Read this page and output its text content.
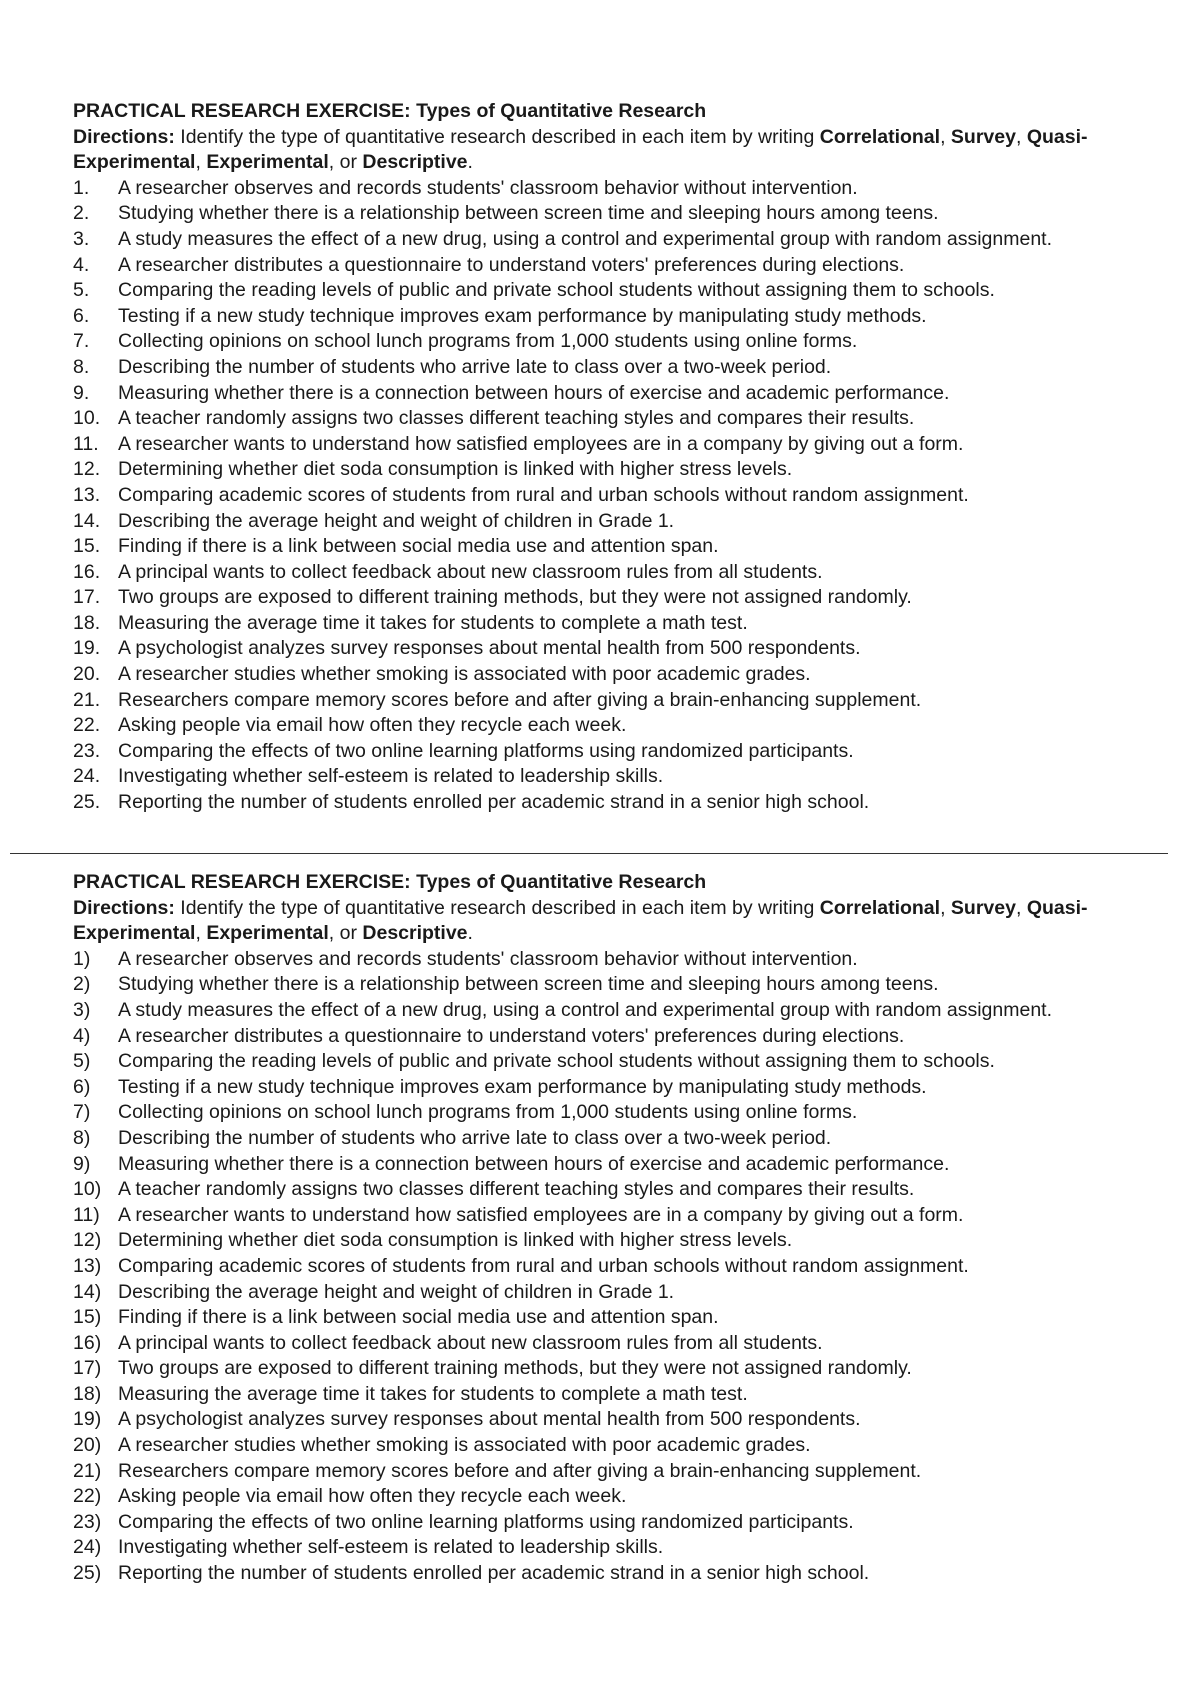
PRACTICAL RESEARCH EXERCISE: Types of Quantitative Research

Directions: Identify the type of quantitative research described in each item by writing Correlational, Survey, Quasi-Experimental, Experimental, or Descriptive.

1.	A researcher observes and records students' classroom behavior without intervention.
2.	Studying whether there is a relationship between screen time and sleeping hours among teens.
3.	A study measures the effect of a new drug, using a control and experimental group with random assignment.
4.	A researcher distributes a questionnaire to understand voters' preferences during elections.
5.	Comparing the reading levels of public and private school students without assigning them to schools.
6.	Testing if a new study technique improves exam performance by manipulating study methods.
7.	Collecting opinions on school lunch programs from 1,000 students using online forms.
8.	Describing the number of students who arrive late to class over a two-week period.
9.	Measuring whether there is a connection between hours of exercise and academic performance.
10. A teacher randomly assigns two classes different teaching styles and compares their results.
11. A researcher wants to understand how satisfied employees are in a company by giving out a form.
12. Determining whether diet soda consumption is linked with higher stress levels.
13. Comparing academic scores of students from rural and urban schools without random assignment.
14. Describing the average height and weight of children in Grade 1.
15. Finding if there is a link between social media use and attention span.
16. A principal wants to collect feedback about new classroom rules from all students.
17. Two groups are exposed to different training methods, but they were not assigned randomly.
18. Measuring the average time it takes for students to complete a math test.
19. A psychologist analyzes survey responses about mental health from 500 respondents.
20. A researcher studies whether smoking is associated with poor academic grades.
21. Researchers compare memory scores before and after giving a brain-enhancing supplement.
22. Asking people via email how often they recycle each week.
23. Comparing the effects of two online learning platforms using randomized participants.
24. Investigating whether self-esteem is related to leadership skills.
25. Reporting the number of students enrolled per academic strand in a senior high school.
PRACTICAL RESEARCH EXERCISE: Types of Quantitative Research

Directions: Identify the type of quantitative research described in each item by writing Correlational, Survey, Quasi-Experimental, Experimental, or Descriptive.

1)	A researcher observes and records students' classroom behavior without intervention.
2)	Studying whether there is a relationship between screen time and sleeping hours among teens.
3)	A study measures the effect of a new drug, using a control and experimental group with random assignment.
4)	A researcher distributes a questionnaire to understand voters' preferences during elections.
5)	Comparing the reading levels of public and private school students without assigning them to schools.
6)	Testing if a new study technique improves exam performance by manipulating study methods.
7)	Collecting opinions on school lunch programs from 1,000 students using online forms.
8)	Describing the number of students who arrive late to class over a two-week period.
9)	Measuring whether there is a connection between hours of exercise and academic performance.
10) A teacher randomly assigns two classes different teaching styles and compares their results.
11) A researcher wants to understand how satisfied employees are in a company by giving out a form.
12) Determining whether diet soda consumption is linked with higher stress levels.
13) Comparing academic scores of students from rural and urban schools without random assignment.
14) Describing the average height and weight of children in Grade 1.
15) Finding if there is a link between social media use and attention span.
16) A principal wants to collect feedback about new classroom rules from all students.
17) Two groups are exposed to different training methods, but they were not assigned randomly.
18) Measuring the average time it takes for students to complete a math test.
19) A psychologist analyzes survey responses about mental health from 500 respondents.
20) A researcher studies whether smoking is associated with poor academic grades.
21) Researchers compare memory scores before and after giving a brain-enhancing supplement.
22) Asking people via email how often they recycle each week.
23) Comparing the effects of two online learning platforms using randomized participants.
24) Investigating whether self-esteem is related to leadership skills.
25) Reporting the number of students enrolled per academic strand in a senior high school.
